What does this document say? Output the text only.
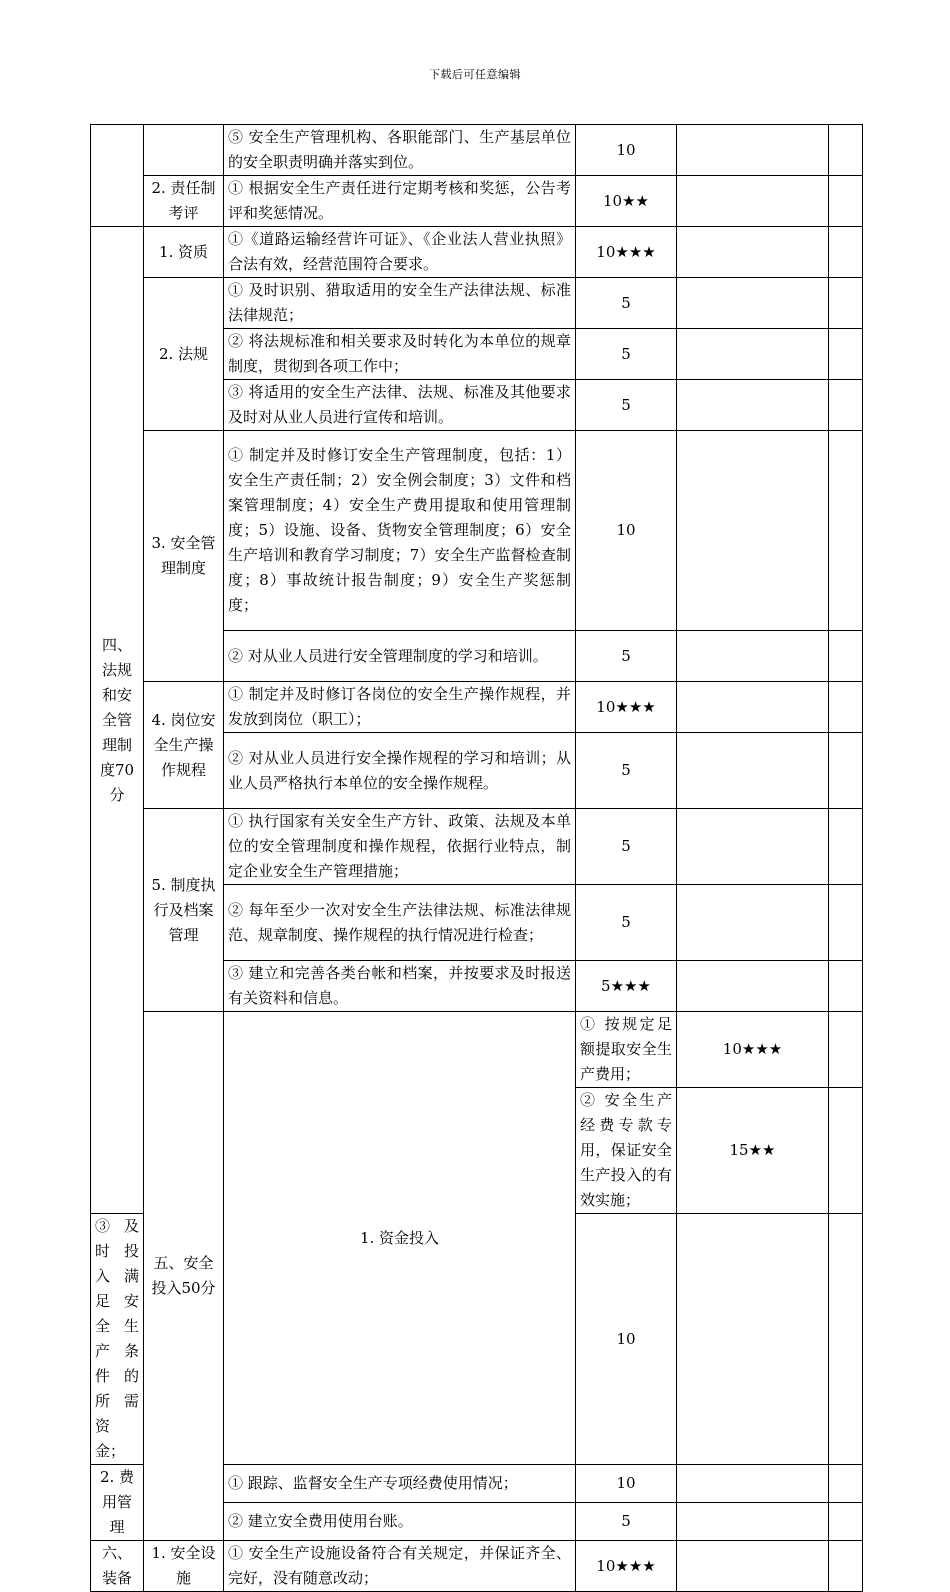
下载后可任意编辑
		⑤ 安全生产管理机构、各职能部门、生产基层单位的安全职责明确并落实到位。	10			
	2. 责任制考评	① 根据安全生产责任进行定期考核和奖惩，公告考评和奖惩情况。	10★★			
四、法规和安全管理制度70分	1. 资质	①《道路运输经营许可证》、《企业法人营业执照》合法有效，经营范围符合要求。	10★★★			
	2. 法规	① 及时识别、猎取适用的安全生产法律法规、标准法律规范；	5			
		② 将法规标准和相关要求及时转化为本单位的规章制度，贯彻到各项工作中；	5			
		③ 将适用的安全生产法律、法规、标准及其他要求及时对从业人员进行宣传和培训。	5			
	3. 安全管理制度	① 制定并及时修订安全生产管理制度，包括：1）安全生产责任制；2）安全例会制度；3）文件和档案管理制度；4）安全生产费用提取和使用管理制度；5）设施、设备、货物安全管理制度；6）安全生产培训和教育学习制度；7）安全生产监督检查制度；8）事故统计报告制度；9）安全生产奖惩制度；	10			
		② 对从业人员进行安全管理制度的学习和培训。	5			
	4. 岗位安全生产操作规程	① 制定并及时修订各岗位的安全生产操作规程，并发放到岗位（职工）；	10★★★			
		② 对从业人员进行安全操作规程的学习和培训；从业人员严格执行本单位的安全操作规程。	5			
	5. 制度执行及档案管理	① 执行国家有关安全生产方针、政策、法规及本单位的安全管理制度和操作规程，依据行业特点，制定企业安全生产管理措施；	5			
		② 每年至少一次对安全生产法律法规、标准法律规范、规章制度、操作规程的执行情况进行检查；	5			
		③ 建立和完善各类台帐和档案，并按要求及时报送有关资料和信息。	5★★★			
	五、安全投入50分	1. 资金投入	① 按规定足额提取安全生产费用；	10★★★		
			② 安全生产经费专款专用，保证安全生产投入的有效实施；	15★★		
③ 及时投入满足安全生产条件的所需资金；			10			
2. 费用管理		① 跟踪、监督安全生产专项经费使用情况；	10			
		② 建立安全费用使用台账。	5			
六、装备	1. 安全设施	① 安全生产设施设备符合有关规定，并保证齐全、完好，没有随意改动；	10★★★			
